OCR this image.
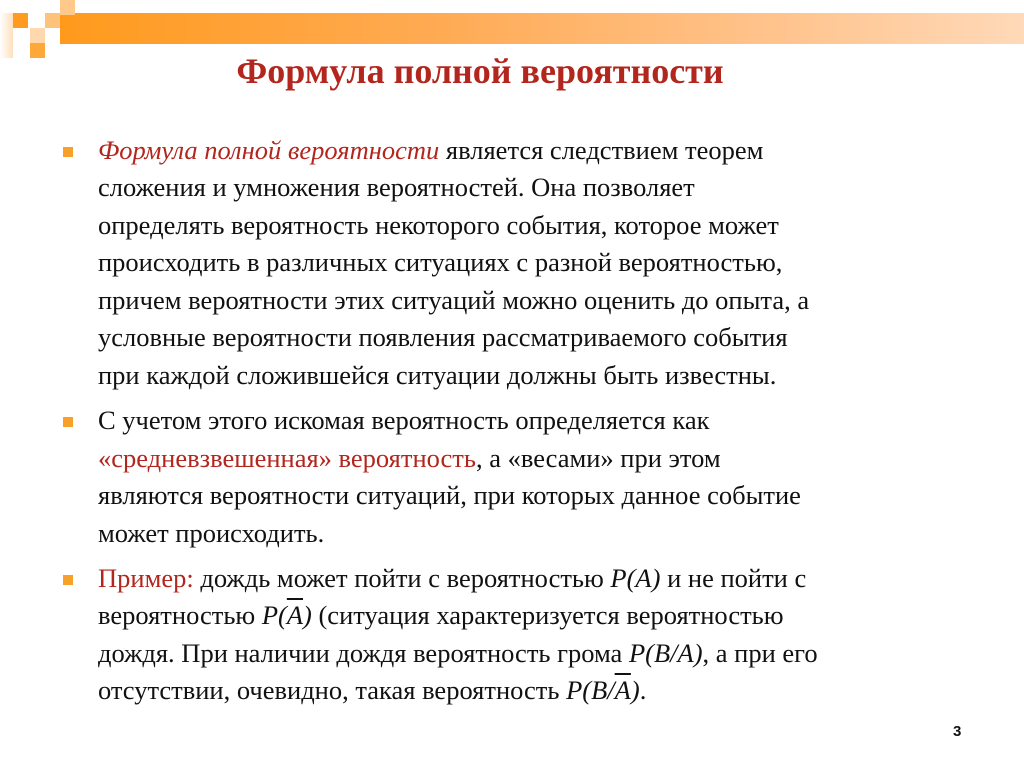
Формула полной вероятности
Формула полной вероятности является следствием теорем
сложения и умножения вероятностей. Она позволяет
определять вероятность некоторого события, которое может
происходить в различных ситуациях с разной вероятностью,
причем вероятности этих ситуаций можно оценить до опыта, а
условные вероятности появления рассматриваемого события
при каждой сложившейся ситуации должны быть известны.
С учетом этого искомая вероятность определяется как
«средневзвешенная» вероятность, а «весами» при этом
являются вероятности ситуаций, при которых данное событие
может происходить.
Пример: дождь может пойти с вероятностью P(A) и не пойти с
вероятностью $P(\overline{A})$ (ситуация характеризуется вероятностью
дождя. При наличии дождя вероятность грома P(B/A), а при его
отсутствии, очевидно, такая вероятность $P(B/\overline{A})$.
3
